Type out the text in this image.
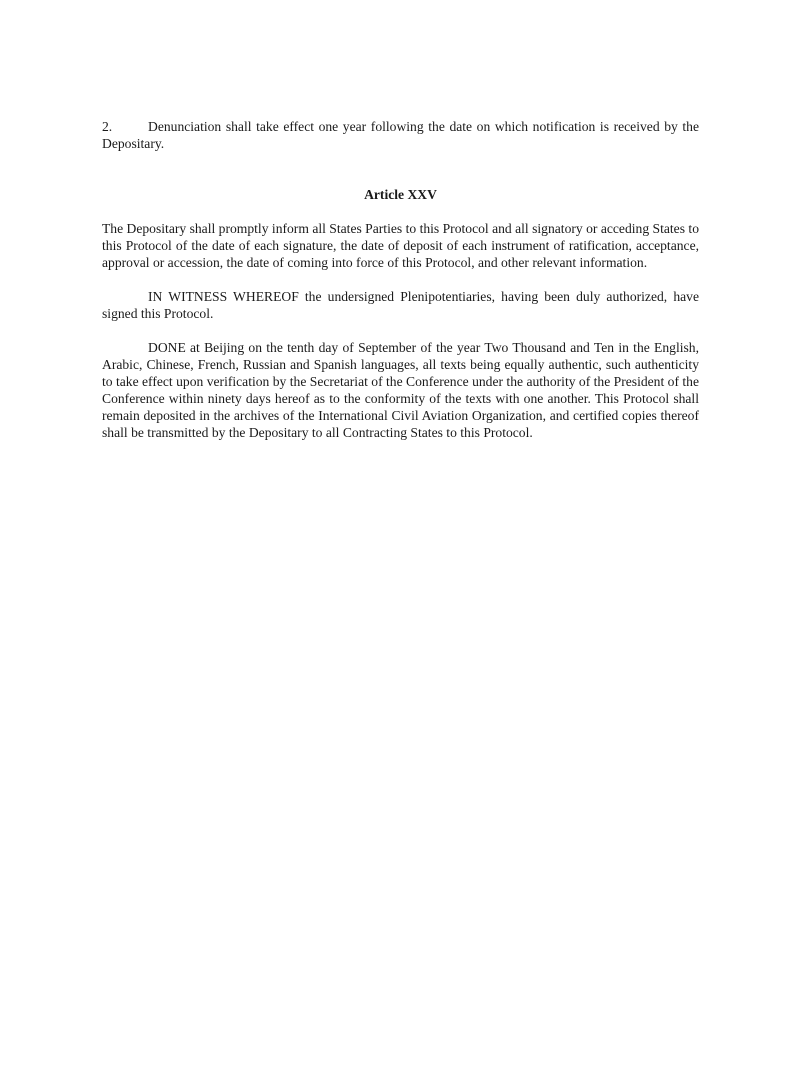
2.	Denunciation shall take effect one year following the date on which notification is received by the Depositary.

Article XXV

The Depositary shall promptly inform all States Parties to this Protocol and all signatory or acceding States to this Protocol of the date of each signature, the date of deposit of each instrument of ratification, acceptance, approval or accession, the date of coming into force of this Protocol, and other relevant information.

IN WITNESS WHEREOF the undersigned Plenipotentiaries, having been duly authorized, have signed this Protocol.

DONE at Beijing on the tenth day of September of the year Two Thousand and Ten in the English, Arabic, Chinese, French, Russian and Spanish languages, all texts being equally authentic, such authenticity to take effect upon verification by the Secretariat of the Conference under the authority of the President of the Conference within ninety days hereof as to the conformity of the texts with one another. This Protocol shall remain deposited in the archives of the International Civil Aviation Organization, and certified copies thereof shall be transmitted by the Depositary to all Contracting States to this Protocol.
